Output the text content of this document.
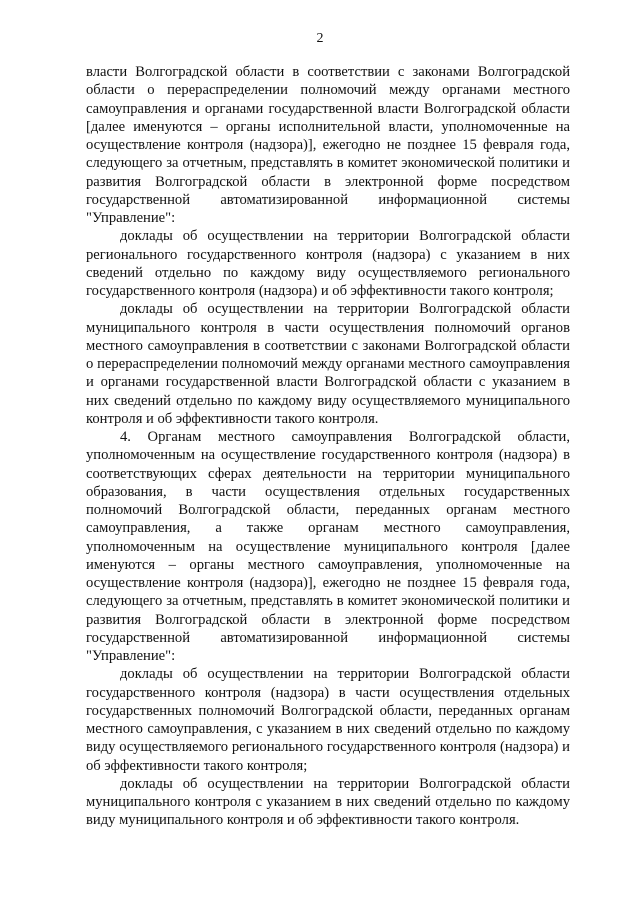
2

власти Волгоградской области в соответствии с законами Волгоградской области о перераспределении полномочий между органами местного самоуправления и органами государственной власти Волгоградской области [далее именуются – органы исполнительной власти, уполномоченные на осуществление контроля (надзора)], ежегодно не позднее 15 февраля года, следующего за отчетным, представлять в комитет экономической политики и развития Волгоградской области в электронной форме посредством государственной автоматизированной информационной системы "Управление":

доклады об осуществлении на территории Волгоградской области регионального государственного контроля (надзора) с указанием в них сведений отдельно по каждому виду осуществляемого регионального государственного контроля (надзора) и об эффективности такого контроля;

доклады об осуществлении на территории Волгоградской области муниципального контроля в части осуществления полномочий органов местного самоуправления в соответствии с законами Волгоградской области о перераспределении полномочий между органами местного самоуправления и органами государственной власти Волгоградской области с указанием в них сведений отдельно по каждому виду осуществляемого муниципального контроля и об эффективности такого контроля.

4. Органам местного самоуправления Волгоградской области, уполномоченным на осуществление государственного контроля (надзора) в соответствующих сферах деятельности на территории муниципального образования, в части осуществления отдельных государственных полномочий Волгоградской области, переданных органам местного самоуправления, а также органам местного самоуправления, уполномоченным на осуществление муниципального контроля [далее именуются – органы местного самоуправления, уполномоченные на осуществление контроля (надзора)], ежегодно не позднее 15 февраля года, следующего за отчетным, представлять в комитет экономической политики и развития Волгоградской области в электронной форме посредством государственной автоматизированной информационной системы "Управление":

доклады об осуществлении на территории Волгоградской области государственного контроля (надзора) в части осуществления отдельных государственных полномочий Волгоградской области, переданных органам местного самоуправления, с указанием в них сведений отдельно по каждому виду осуществляемого регионального государственного контроля (надзора) и об эффективности такого контроля;

доклады об осуществлении на территории Волгоградской области муниципального контроля с указанием в них сведений отдельно по каждому виду муниципального контроля и об эффективности такого контроля.
